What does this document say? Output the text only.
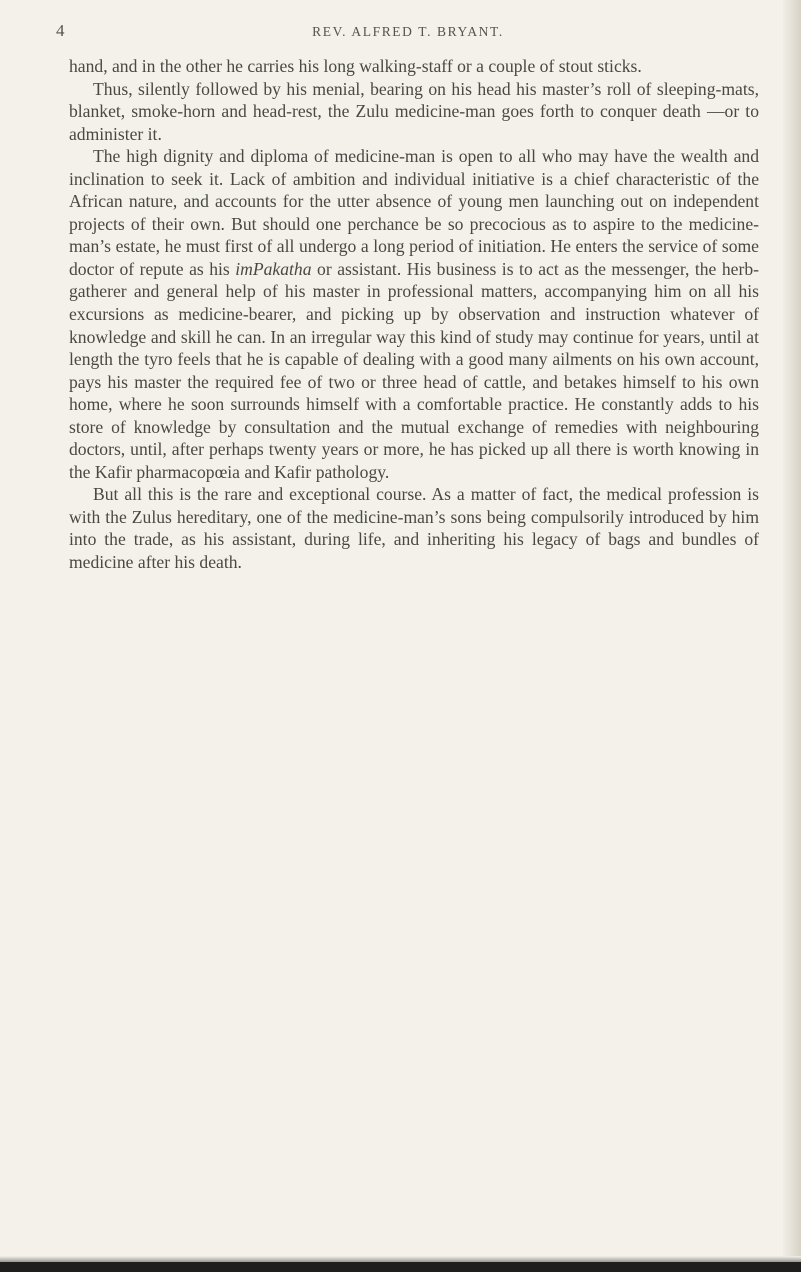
4	REV. ALFRED T. BRYANT.

hand, and in the other he carries his long walking-staff or a couple of stout sticks.

Thus, silently followed by his menial, bearing on his head his master’s roll of sleeping-mats, blanket, smoke-horn and head-rest, the Zulu medicine-man goes forth to conquer death —or to administer it.

The high dignity and diploma of medicine-man is open to all who may have the wealth and inclination to seek it. Lack of ambition and individual initiative is a chief characteristic of the African nature, and accounts for the utter absence of young men launching out on independent projects of their own. But should one perchance be so precocious as to aspire to the medicine-man’s estate, he must first of all undergo a long period of initiation. He enters the service of some doctor of repute as his imPakatha or assistant. His business is to act as the messenger, the herb-gatherer and general help of his master in professional matters, accompanying him on all his excursions as medicine-bearer, and picking up by observation and instruction whatever of knowledge and skill he can. In an irregular way this kind of study may continue for years, until at length the tyro feels that he is capable of dealing with a good many ailments on his own account, pays his master the required fee of two or three head of cattle, and betakes himself to his own home, where he soon surrounds himself with a comfortable practice. He constantly adds to his store of knowledge by consultation and the mutual exchange of remedies with neighbouring doctors, until, after perhaps twenty years or more, he has picked up all there is worth knowing in the Kafir pharmacopœia and Kafir pathology.

But all this is the rare and exceptional course. As a matter of fact, the medical profession is with the Zulus hereditary, one of the medicine-man’s sons being compulsorily introduced by him into the trade, as his assistant, during life, and inheriting his legacy of bags and bundles of medicine after his death.
